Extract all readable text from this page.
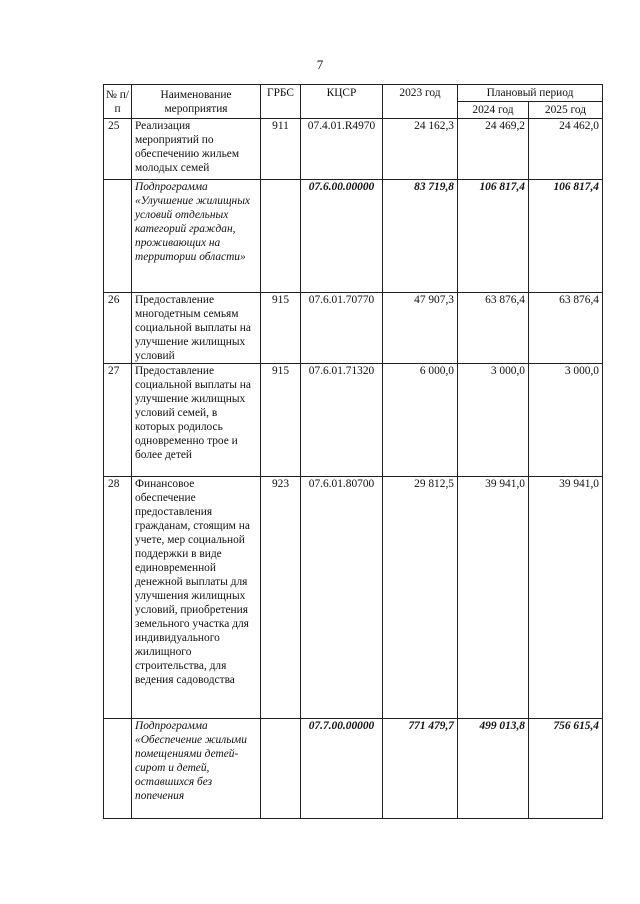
7
№ п/п	Наименование мероприятия	ГРБС	КЦСР	2023 год	Плановый период	
					2024 год	2025 год
25	Реализация мероприятий по обеспечению жильем молодых семей	911	07.4.01.R4970	24 162,3	24 469,2	24 462,0
	Подпрограмма «Улучшение жилищных условий отдельных категорий граждан, проживающих на территории области»		07.6.00.00000	83 719,8	106 817,4	106 817,4
26	Предоставление многодетным семьям социальной выплаты на улучшение жилищных условий	915	07.6.01.70770	47 907,3	63 876,4	63 876,4
27	Предоставление социальной выплаты на улучшение жилищных условий семей, в которых родилось одновременно трое и более детей	915	07.6.01.71320	6 000,0	3 000,0	3 000,0
28	Финансовое обеспечение предоставления гражданам, стоящим на учете, мер социальной поддержки в виде единовременной денежной выплаты для улучшения жилищных условий, приобретения земельного участка для индивидуального жилищного строительства, для ведения садоводства	923	07.6.01.80700	29 812,5	39 941,0	39 941,0
	Подпрограмма «Обеспечение жилыми помещениями детей-сирот и детей, оставшихся без попечения		07.7.00.00000	771 479,7	499 013,8	756 615,4
